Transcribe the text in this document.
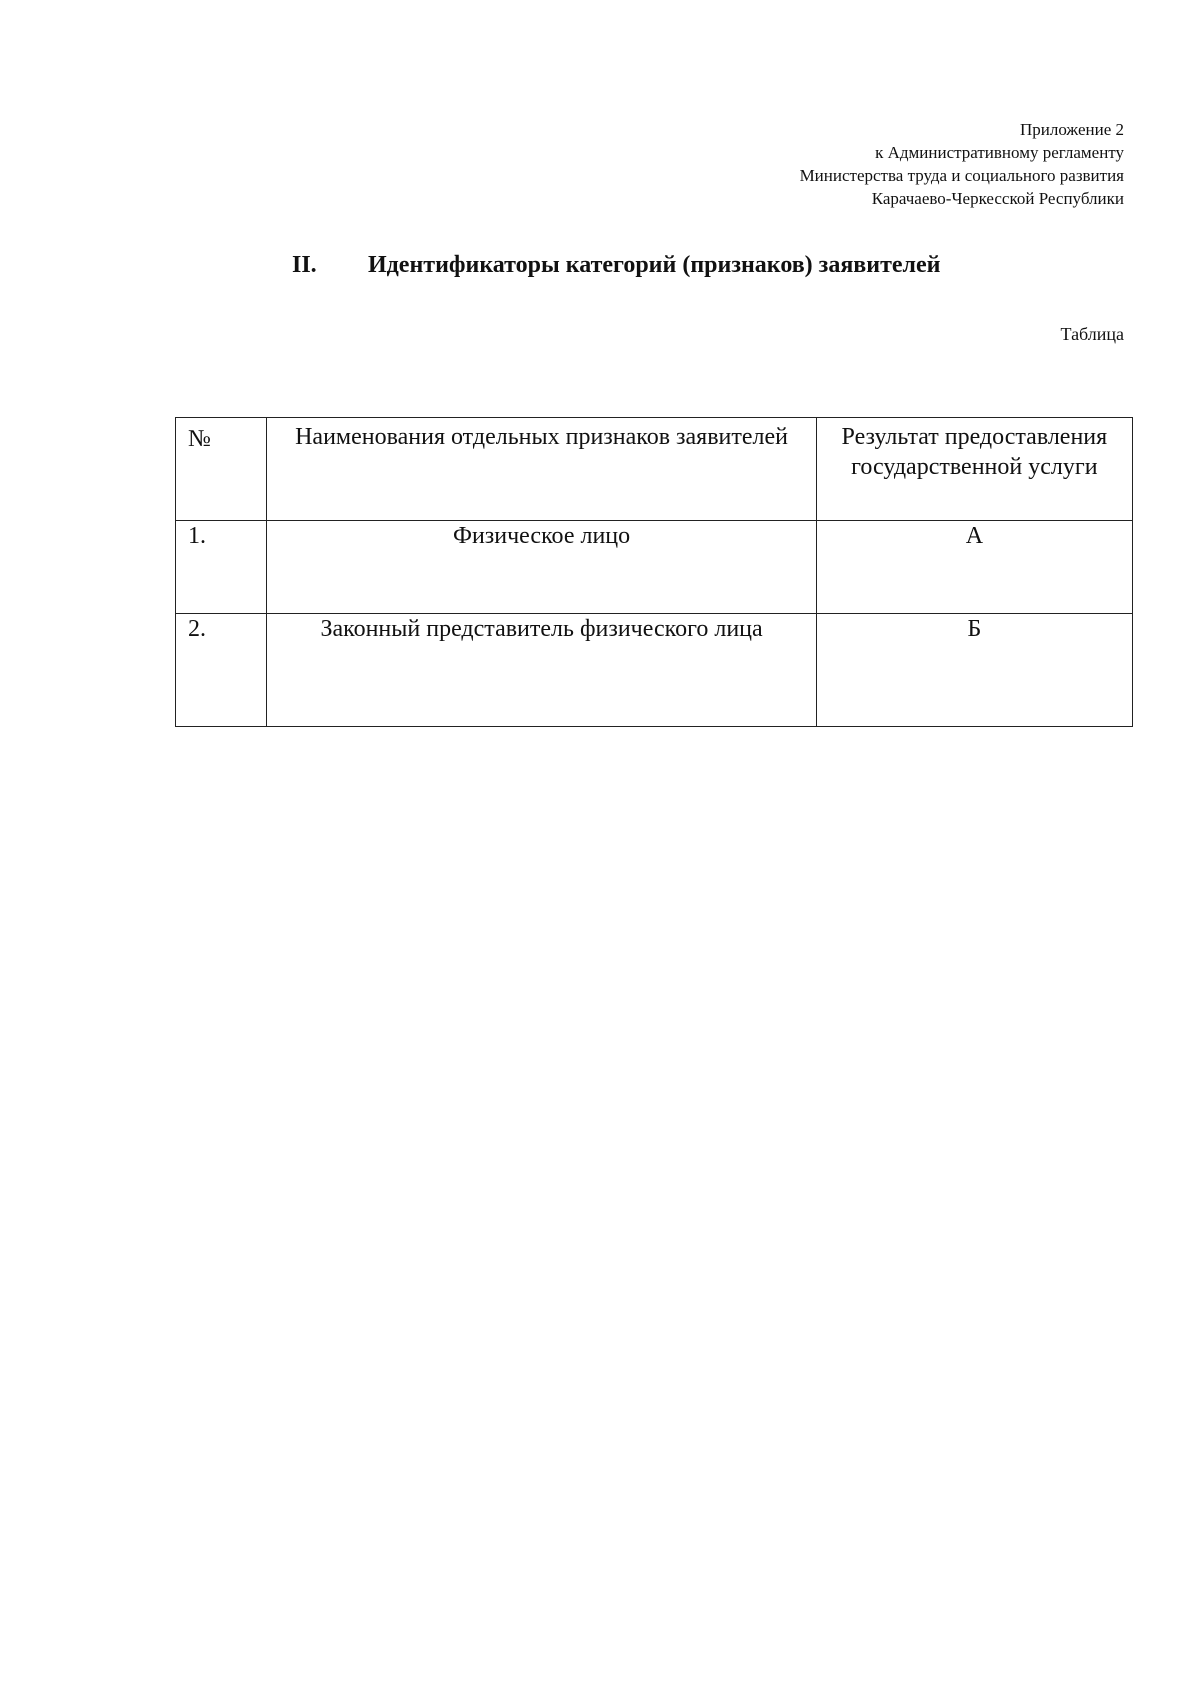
Приложение 2
к Административному регламенту
Министерства труда и социального развития
Карачаево-Черкесской Республики
II. Идентификаторы категорий (признаков) заявителей
Таблица
№	Наименования отдельных признаков заявителей	Результат предоставления государственной услуги
1.	Физическое лицо	А
2.	Законный представитель физического лица	Б
